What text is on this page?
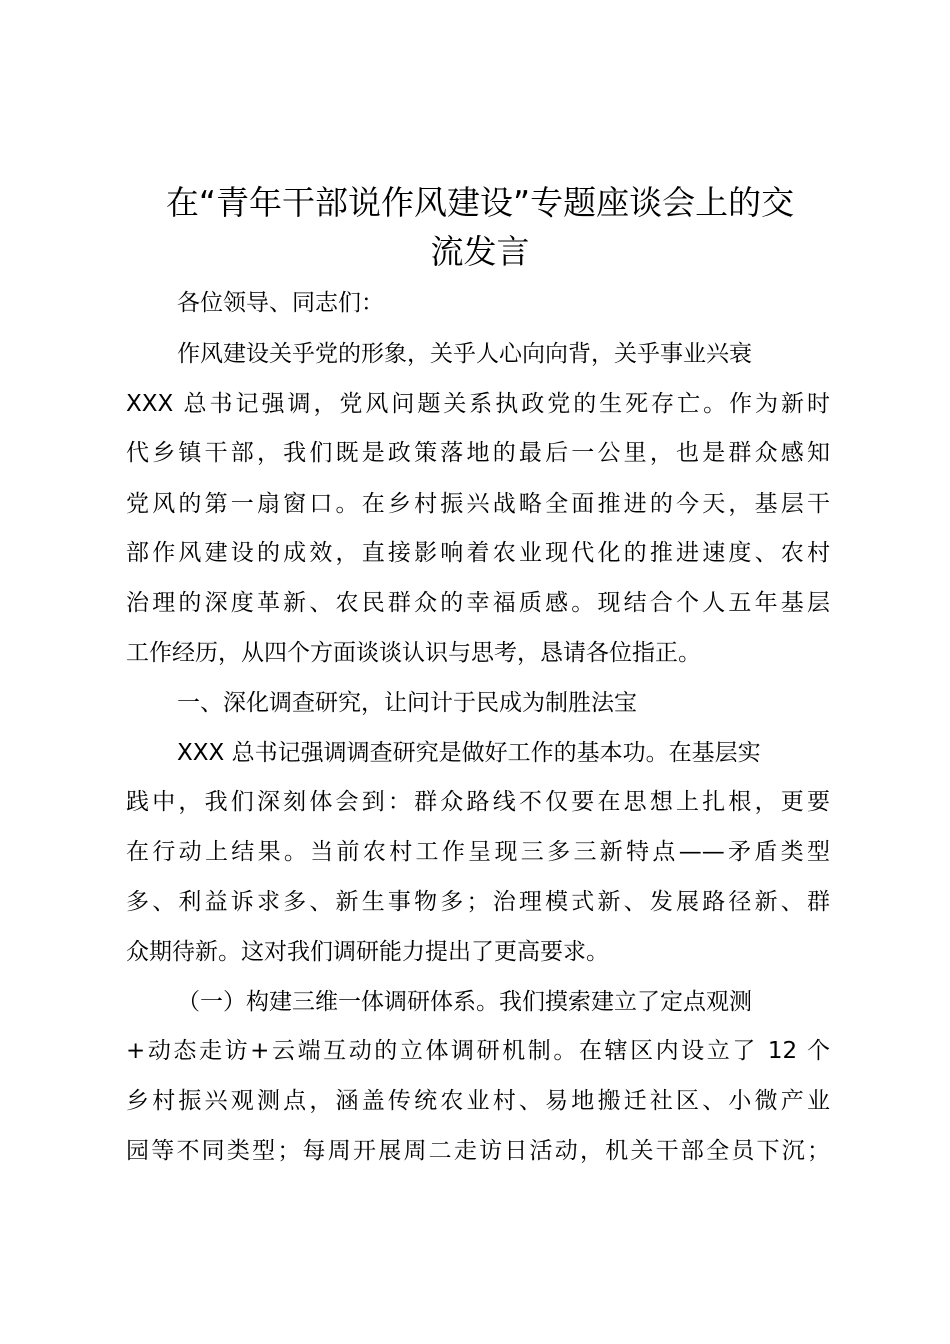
在“青年干部说作风建设”专题座谈会上的交
流发言

各位领导、同志们：

作风建设关乎党的形象，关乎人心向向背，关乎事业兴衰

XXX 总书记强调，党风问题关系执政党的生死存亡。作为新时

代乡镇干部，我们既是政策落地的最后一公里，也是群众感知

党风的第一扇窗口。在乡村振兴战略全面推进的今天，基层干

部作风建设的成效，直接影响着农业现代化的推进速度、农村

治理的深度革新、农民群众的幸福质感。现结合个人五年基层

工作经历，从四个方面谈谈认识与思考，恳请各位指正。

一、深化调查研究，让问计于民成为制胜法宝

XXX 总书记强调调查研究是做好工作的基本功。在基层实

践中，我们深刻体会到：群众路线不仅要在思想上扎根，更要

在行动上结果。当前农村工作呈现三多三新特点——矛盾类型

多、利益诉求多、新生事物多；治理模式新、发展路径新、群

众期待新。这对我们调研能力提出了更高要求。

（一）构建三维一体调研体系。我们摸索建立了定点观测

+动态走访+云端互动的立体调研机制。在辖区内设立了 12 个

乡村振兴观测点，涵盖传统农业村、易地搬迁社区、小微产业

园等不同类型；每周开展周二走访日活动，机关干部全员下沉；
